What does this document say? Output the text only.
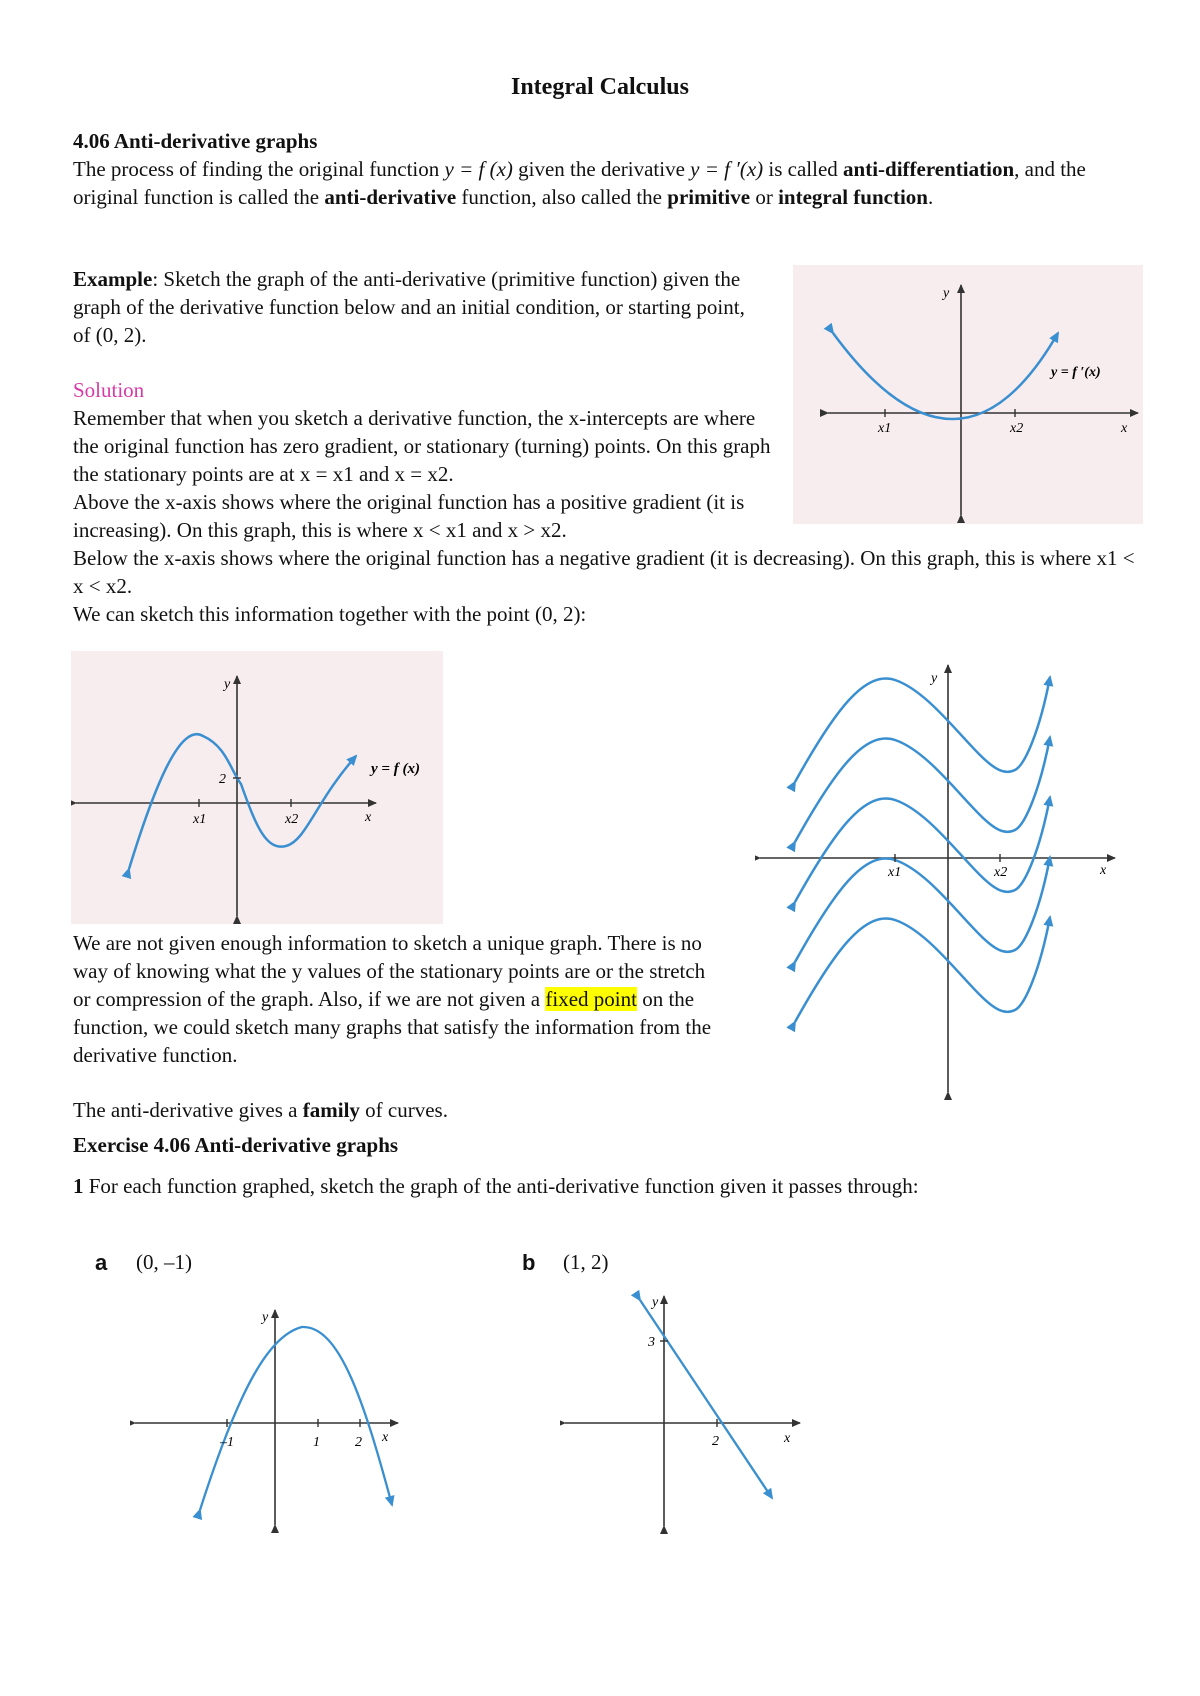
Integral Calculus
4.06 Anti-derivative graphs
The process of finding the original function y = f (x) given the derivative y = f ′(x) is called anti-differentiation, and the original function is called the anti-derivative function, also called the primitive or integral function.
Example: Sketch the graph of the anti-derivative (primitive function) given the graph of the derivative function below and an initial condition, or starting point, of (0, 2).
Solution
Remember that when you sketch a derivative function, the x-intercepts are where the original function has zero gradient, or stationary (turning) points. On this graph the stationary points are at x = x1 and x = x2.
Above the x-axis shows where the original function has a positive gradient (it is increasing). On this graph, this is where x < x1 and x > x2.
Below the x-axis shows where the original function has a negative gradient (it is decreasing). On this graph, this is where x1 < x < x2.
We can sketch this information together with the point (0, 2):
y
x
x1	x2
y = f ′(x)
y
x
x1	x2
2
y = f (x)
y
x
x1	x2
We are not given enough information to sketch a unique graph. There is no way of knowing what the y values of the stationary points are or the stretch or compression of the graph. Also, if we are not given a fixed point on the function, we could sketch many graphs that satisfy the information from the derivative function.
The anti-derivative gives a family of curves.
Exercise 4.06 Anti-derivative graphs
1 For each function graphed, sketch the graph of the anti-derivative function given it passes through:
a (0, –1)
–1	1	2
y
x
b (1, 2)
3
2
y
x
